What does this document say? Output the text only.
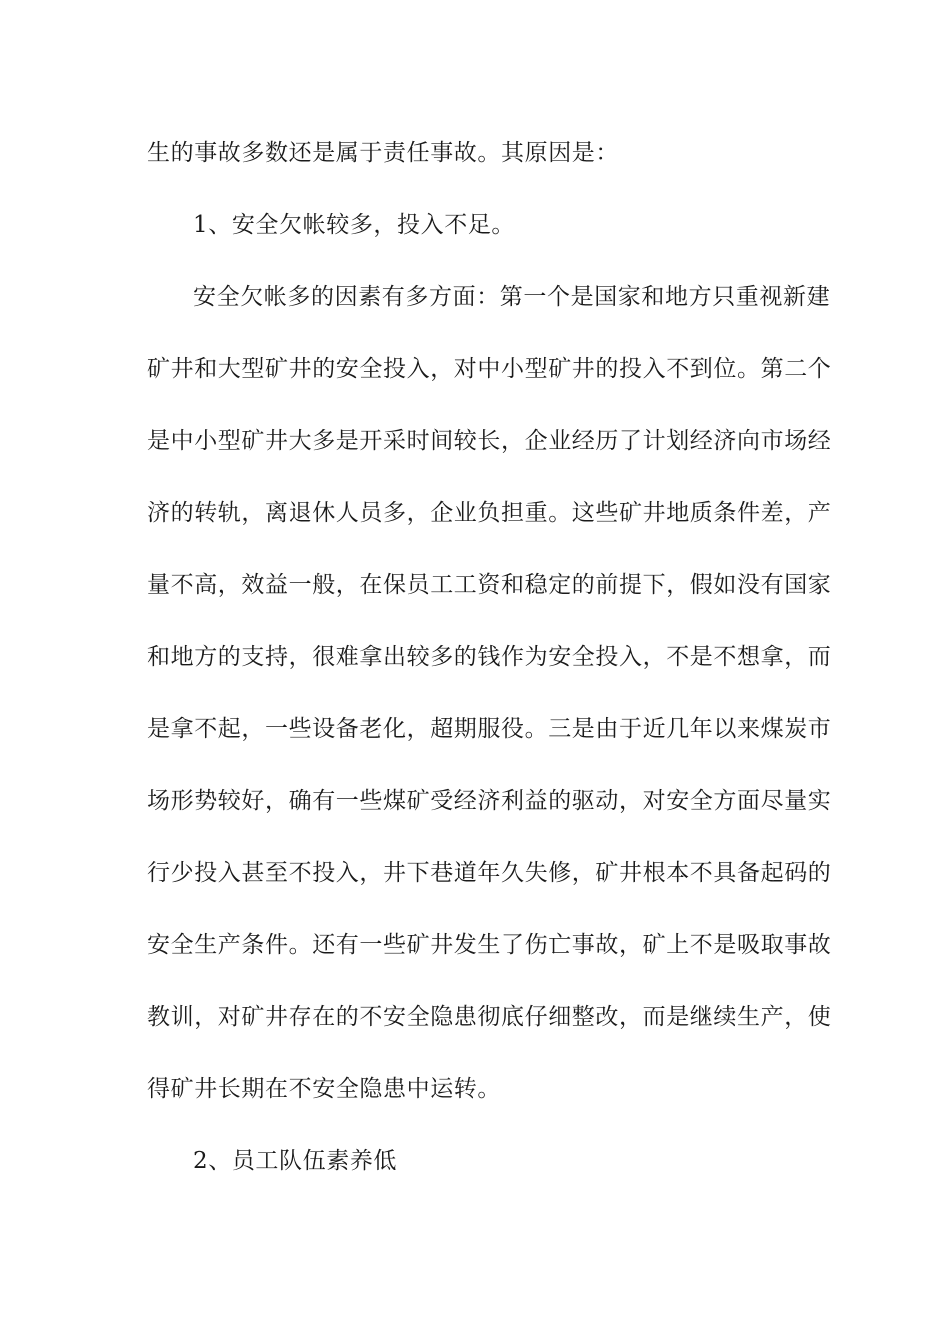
生的事故多数还是属于责任事故。其原因是：
1、安全欠帐较多，投入不足。
安全欠帐多的因素有多方面：第一个是国家和地方只重视新建
矿井和大型矿井的安全投入，对中小型矿井的投入不到位。第二个
是中小型矿井大多是开采时间较长，企业经历了计划经济向市场经
济的转轨，离退休人员多，企业负担重。这些矿井地质条件差，产
量不高，效益一般，在保员工工资和稳定的前提下，假如没有国家
和地方的支持，很难拿出较多的钱作为安全投入，不是不想拿，而
是拿不起，一些设备老化，超期服役。三是由于近几年以来煤炭市
场形势较好，确有一些煤矿受经济利益的驱动，对安全方面尽量实
行少投入甚至不投入，井下巷道年久失修，矿井根本不具备起码的
安全生产条件。还有一些矿井发生了伤亡事故，矿上不是吸取事故
教训，对矿井存在的不安全隐患彻底仔细整改，而是继续生产，使
得矿井长期在不安全隐患中运转。
2、员工队伍素养低
